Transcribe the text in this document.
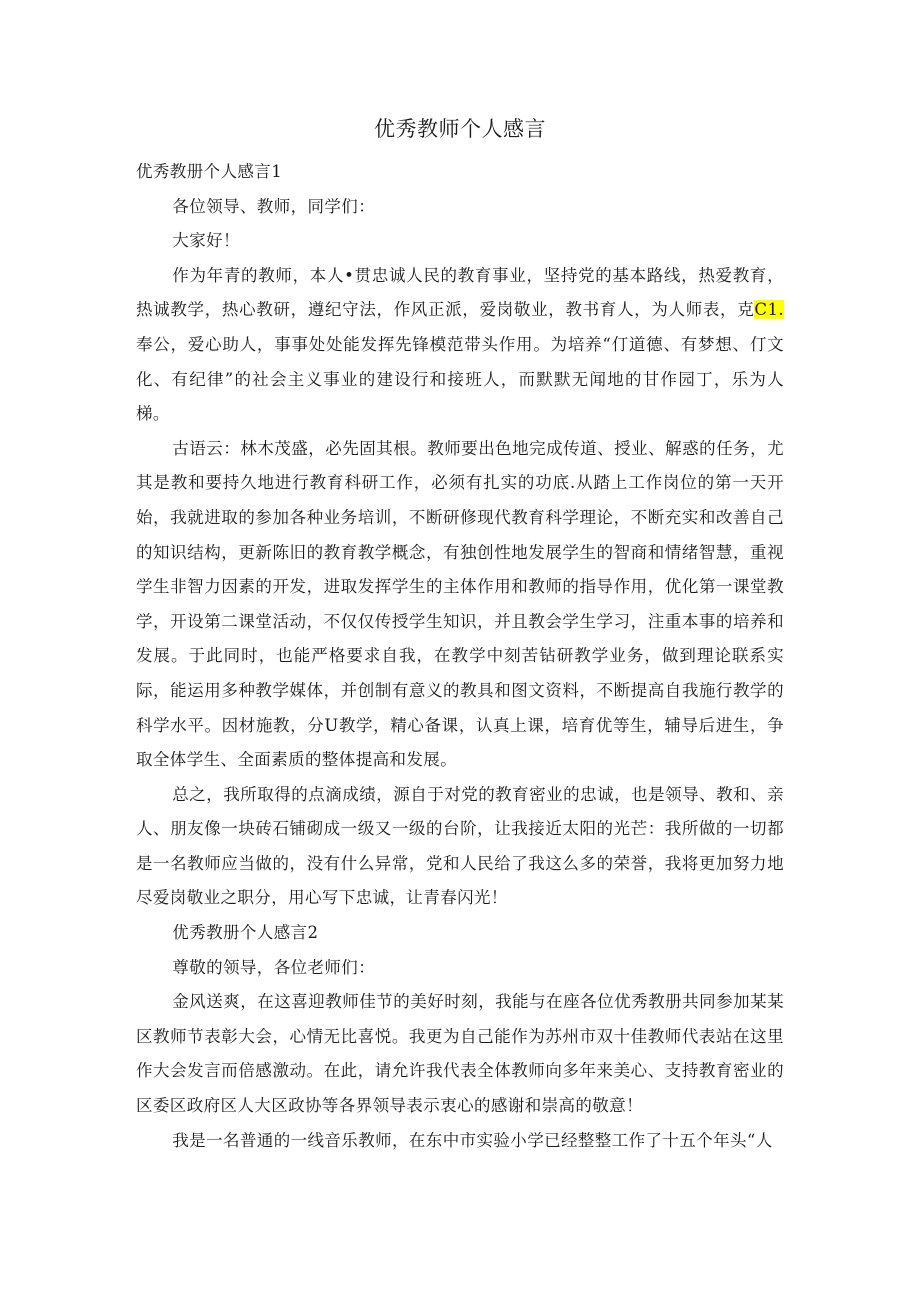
优秀教师个人感言

优秀教册个人感言1

各位领导、教师，同学们：

大家好！

作为年青的教师，本人•贯忠诚人民的教育事业，坚持党的基本路线，热爱教育，热诚教学，热心教研，遵纪守法，作风正派，爱岗敬业，教书育人，为人师表，克C1.奉公，爱心助人，事事处处能发挥先锋模范带头作用。为培养“仃道德、有梦想、仃文化、有纪律”的社会主义事业的建设行和接班人，而默默无闻地的甘作园丁，乐为人梯。

古语云：林木茂盛，必先固其根。教师要出色地完成传道、授业、解惑的任务，尤其是教和要持久地进行教育科研工作，必须有扎实的功底.从踏上工作岗位的第一天开始，我就进取的参加各种业务培训，不断研修现代教育科学理论，不断充实和改善自己的知识结构，更新陈旧的教育教学概念，有独创性地发展学生的智商和情绪智慧，重视学生非智力因素的开发，进取发挥学生的主体作用和教师的指导作用，优化第一课堂教学，开设第二课堂活动，不仅仅传授学生知识，并且教会学生学习，注重本事的培养和发展。于此同时，也能严格要求自我，在教学中刻苦钻研教学业务，做到理论联系实际，能运用多种教学媒体，并创制有意义的教具和图文资料，不断提高自我施行教学的科学水平。因材施教，分U教学，精心备课，认真上课，培育优等生，辅导后进生，争取全体学生、全面素质的整体提高和发展。

总之，我所取得的点滴成绩，源自于对党的教育密业的忠诚，也是领导、教和、亲人、朋友像一块砖石铺砌成一级又一级的台阶，让我接近太阳的光芒：我所做的一切都是一名教师应当做的，没有什么异常，党和人民给了我这么多的荣誉，我将更加努力地尽爱岗敬业之职分，用心写下忠诚，让青春闪光！

优秀教册个人感言2

尊敬的领导，各位老师们：

金风送爽，在这喜迎教师佳节的美好时刻，我能与在座各位优秀教册共同参加某某区教师节表彰大会，心情无比喜悦。我更为自己能作为苏州市双十佳教师代表站在这里作大会发言而倍感激动。在此，请允许我代表全体教师向多年来美心、支持教育密业的区委区政府区人大区政协等各界领导表示衷心的感谢和崇高的敬意！

我是一名普通的一线音乐教师，在东中市实验小学已经整整工作了十五个年头“人
